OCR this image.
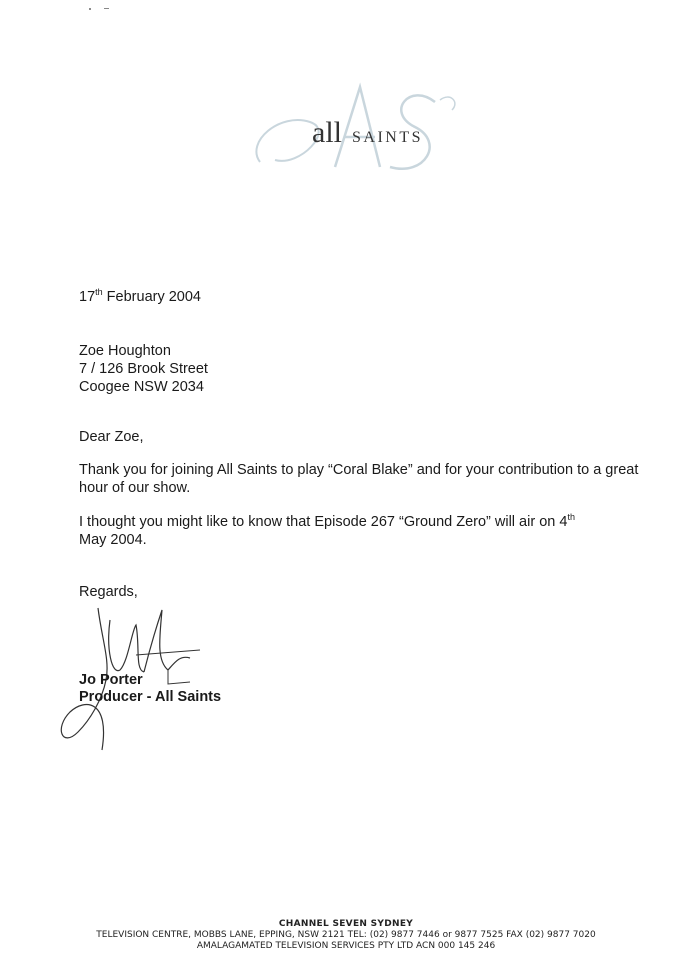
all SAINTS
17th February 2004
Zoe Houghton
7 / 126 Brook Street
Coogee NSW 2034
Dear Zoe,
Thank you for joining All Saints to play “Coral Blake” and for your contribution to a great hour of our show.
I thought you might like to know that Episode 267 “Ground Zero” will air on 4th
May 2004.
Regards,
Jo Porter
Producer - All Saints
CHANNEL SEVEN SYDNEY
TELEVISION CENTRE, MOBBS LANE, EPPING, NSW 2121 TEL: (02) 9877 7446 or 9877 7525 FAX (02) 9877 7020
AMALAGAMATED TELEVISION SERVICES PTY LTD ACN 000 145 246
